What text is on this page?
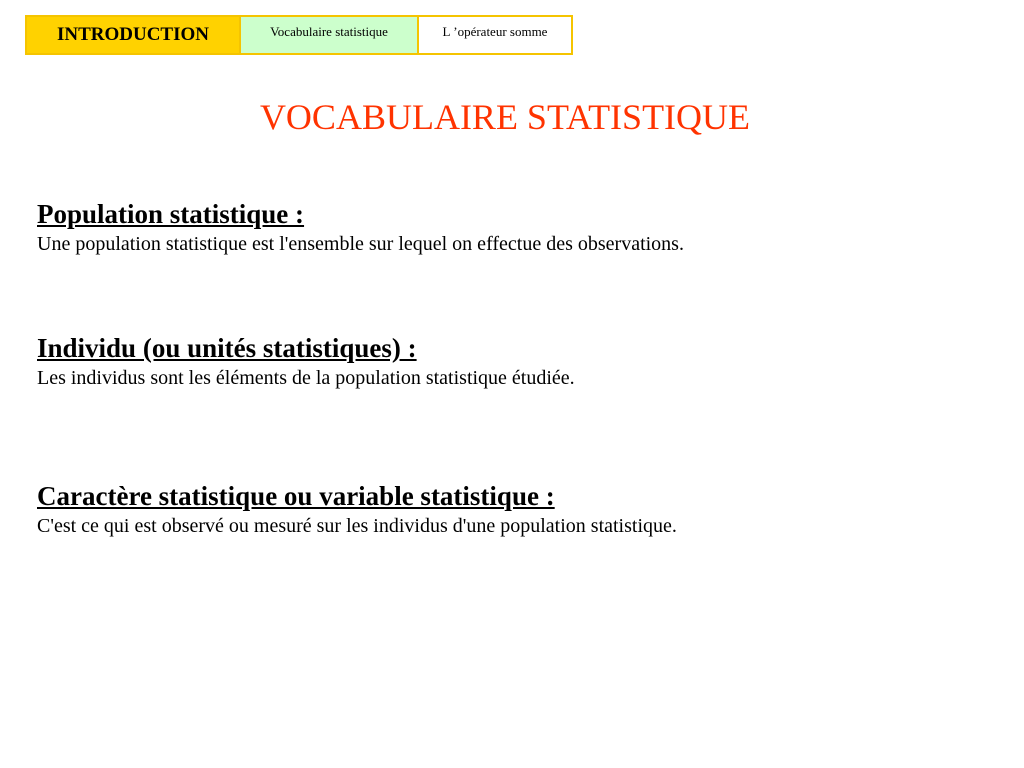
INTRODUCTION	Vocabulaire statistique	L ’opérateur somme
VOCABULAIRE STATISTIQUE
Population statistique :
Une population statistique est l'ensemble sur lequel on effectue des observations.
Individu (ou unités statistiques) :
Les individus sont les éléments de la population statistique étudiée.
Caractère statistique ou variable statistique :
C'est ce qui est observé ou mesuré sur les individus d'une population statistique.
